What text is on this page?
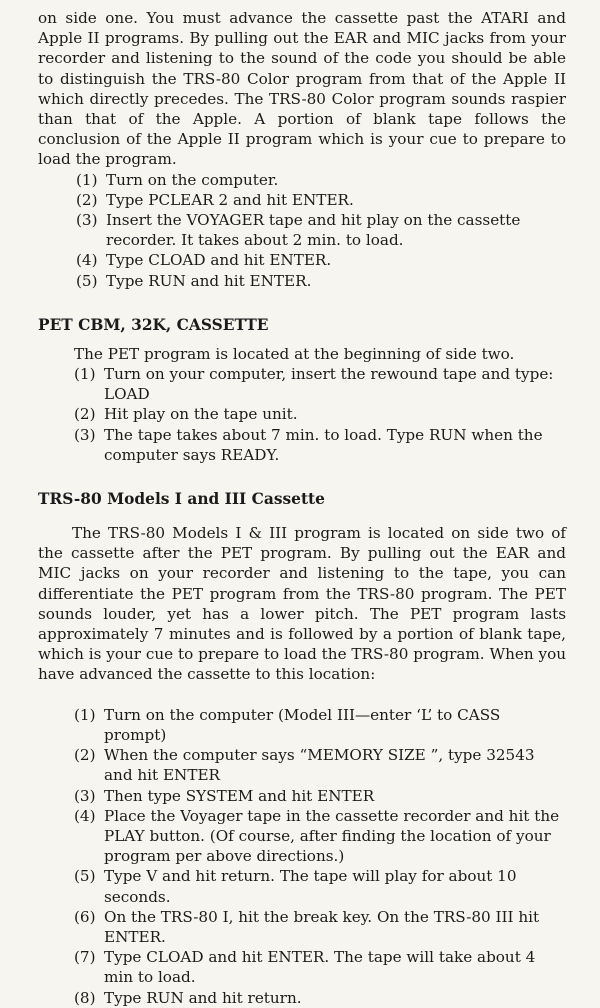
on side one. You must advance the cassette past the ATARI and Apple II programs. By pulling out the EAR and MIC jacks from your recorder and listening to the sound of the code you should be able to distinguish the TRS-80 Color program from that of the Apple II which directly precedes. The TRS-80 Color program sounds raspier than that of the Apple. A portion of blank tape follows the conclusion of the Apple II program which is your cue to prepare to load the program.

(1) Turn on the computer.
(2) Type PCLEAR 2 and hit ENTER.
(3) Insert the VOYAGER tape and hit play on the cassette recorder. It takes about 2 min. to load.
(4) Type CLOAD and hit ENTER.
(5) Type RUN and hit ENTER.
PET CBM, 32K, CASSETTE

The PET program is located at the beginning of side two.

(1) Turn on your computer, insert the rewound tape and type: LOAD
(2) Hit play on the tape unit.
(3) The tape takes about 7 min. to load. Type RUN when the computer says READY.
TRS-80 Models I and III Cassette

The TRS-80 Models I & III program is located on side two of the cassette after the PET program. By pulling out the EAR and MIC jacks on your recorder and listening to the tape, you can differentiate the PET program from the TRS-80 program. The PET sounds louder, yet has a lower pitch. The PET program lasts approximately 7 minutes and is followed by a portion of blank tape, which is your cue to prepare to load the TRS-80 program. When you have advanced the cassette to this location:

(1) Turn on the computer (Model III—enter ‘L’ to CASS prompt)
(2) When the computer says “MEMORY SIZE ”, type 32543 and hit ENTER
(3) Then type SYSTEM and hit ENTER
(4) Place the Voyager tape in the cassette recorder and hit the PLAY button. (Of course, after finding the location of your program per above directions.)
(5) Type V and hit return. The tape will play for about 10 seconds.
(6) On the TRS-80 I, hit the break key. On the TRS-80 III hit ENTER.
(7) Type CLOAD and hit ENTER. The tape will take about 4 min to load.
(8) Type RUN and hit return.
